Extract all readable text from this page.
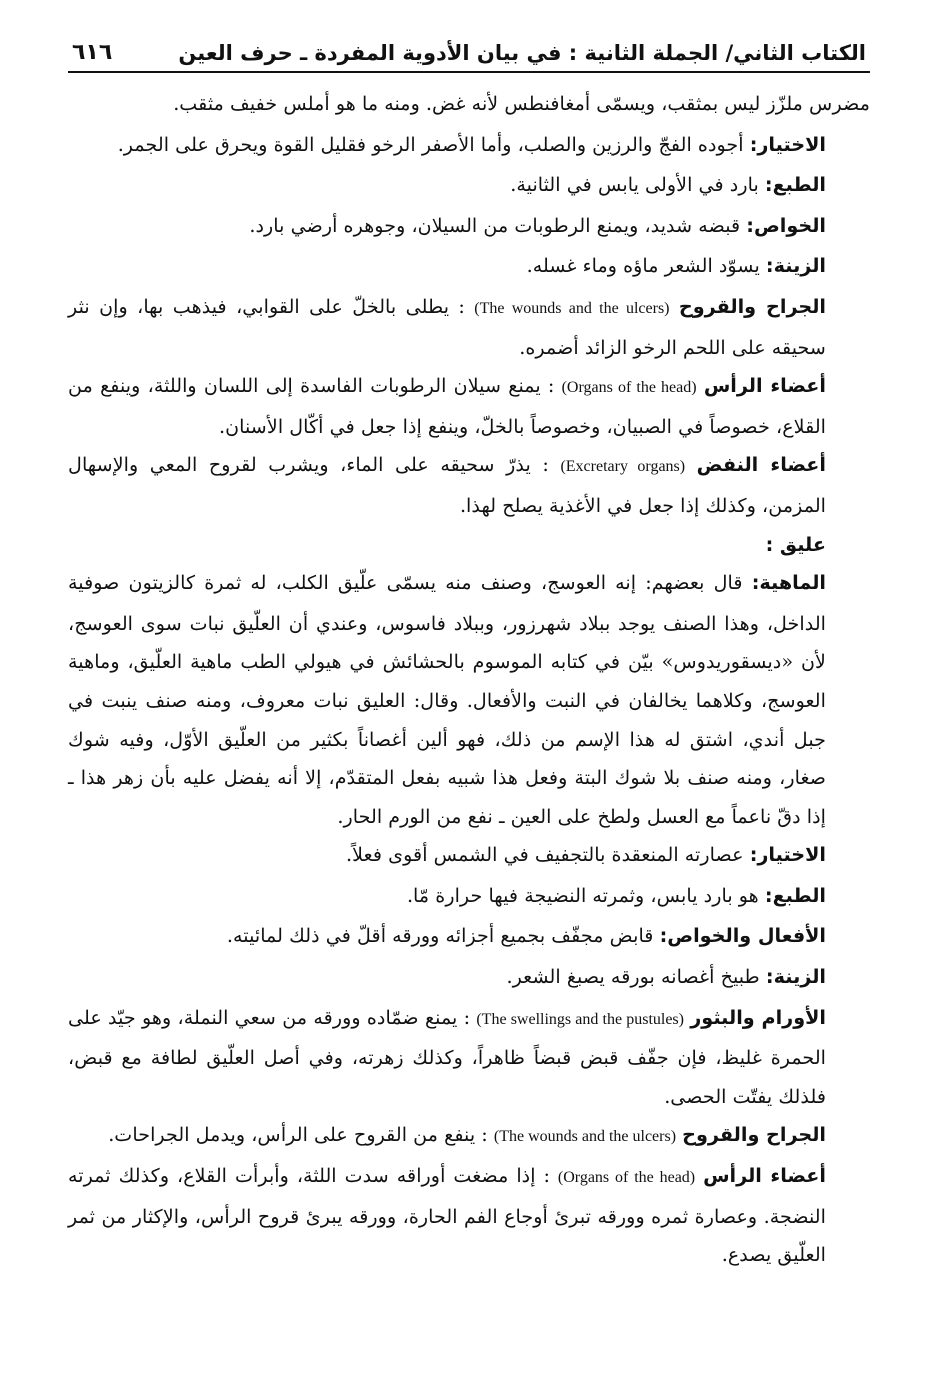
الكتاب الثاني/ الجملة الثانية : في بيان الأدوية المفردة ـ حرف العين
٦١٦

مضرس ملزّز ليس بمثقب، ويسمّى أمغافنطس لأنه غض. ومنه ما هو أملس خفيف مثقب.

الاختيار: أجوده الفجّ والرزين والصلب، وأما الأصفر الرخو فقليل القوة ويحرق على الجمر.

الطبع: بارد في الأولى يابس في الثانية.

الخواص: قبضه شديد، ويمنع الرطوبات من السيلان، وجوهره أرضي بارد.

الزينة: يسوّد الشعر ماؤه وماء غسله.

الجراح والقروح (The wounds and the ulcers) : يطلى بالخلّ على القوابي، فيذهب بها، وإن نثر سحيقه على اللحم الرخو الزائد أضمره.

أعضاء الرأس (Organs of the head) : يمنع سيلان الرطوبات الفاسدة إلى اللسان واللثة، وينفع من القلاع، خصوصاً في الصبيان، وخصوصاً بالخلّ، وينفع إذا جعل في أكّال الأسنان.

أعضاء النفض (Excretary organs) : يذرّ سحيقه على الماء، ويشرب لقروح المعي والإسهال المزمن، وكذلك إذا جعل في الأغذية يصلح لهذا.

عليق :

الماهية: قال بعضهم: إنه العوسج، وصنف منه يسمّى علّيق الكلب، له ثمرة كالزيتون صوفية الداخل، وهذا الصنف يوجد ببلاد شهرزور، وببلاد فاسوس، وعندي أن العلّيق نبات سوى العوسج، لأن «ديسقوريدوس» بيّن في كتابه الموسوم بالحشائش في هيولي الطب ماهية العلّيق، وماهية العوسج، وكلاهما يخالفان في النبت والأفعال. وقال: العليق نبات معروف، ومنه صنف ينبت في جبل أندي، اشتق له هذا الإسم من ذلك، فهو ألين أغصاناً بكثير من العلّيق الأوّل، وفيه شوك صغار، ومنه صنف بلا شوك البتة وفعل هذا شبيه بفعل المتقدّم، إلا أنه يفضل عليه بأن زهر هذا ـ إذا دقّ ناعماً مع العسل ولطخ على العين ـ نفع من الورم الحار.

الاختيار: عصارته المنعقدة بالتجفيف في الشمس أقوى فعلاً.

الطبع: هو بارد يابس، وثمرته النضيجة فيها حرارة مّا.

الأفعال والخواص: قابض مجفّف بجميع أجزائه وورقه أقلّ في ذلك لمائيته.

الزينة: طبيخ أغصانه بورقه يصبغ الشعر.

الأورام والبثور (The swellings and the pustules) : يمنع ضمّاده وورقه من سعي النملة، وهو جيّد على الحمرة غليظ، فإن جفّف قبض قبضاً ظاهراً، وكذلك زهرته، وفي أصل العلّيق لطافة مع قبض، فلذلك يفتّت الحصى.

الجراح والقروح (The wounds and the ulcers) : ينفع من القروح على الرأس، ويدمل الجراحات.

أعضاء الرأس (Organs of the head) : إذا مضغت أوراقه سدت اللثة، وأبرأت القلاع، وكذلك ثمرته النضجة. وعصارة ثمره وورقه تبرئ أوجاع الفم الحارة، وورقه يبرئ قروح الرأس، والإكثار من ثمر العلّيق يصدع.
